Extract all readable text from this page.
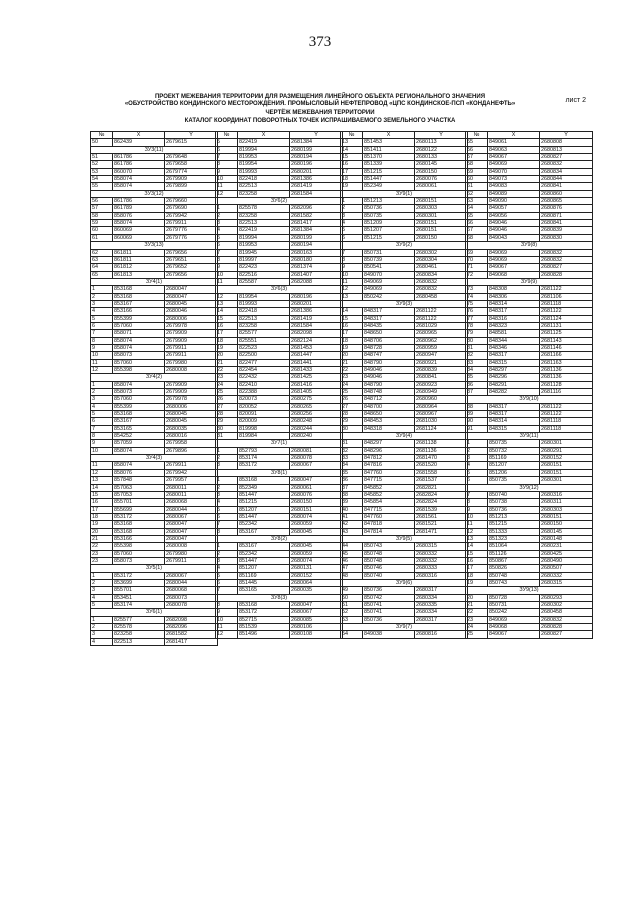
373
лист 2
ПРОЕКТ МЕЖЕВАНИЯ ТЕРРИТОРИИ ДЛЯ РАЗМЕЩЕНИЯ ЛИНЕЙНОГО ОБЪЕКТА РЕГИОНАЛЬНОГО ЗНАЧЕНИЯ
«ОБУСТРОЙСТВО КОНДИНСКОГО МЕСТОРОЖДЕНИЯ. ПРОМЫСЛОВЫЙ НЕФТЕПРОВОД «ЦПС КОНДИНСКОЕ-ПСП «КОНДАНЕФТЬ»
ЧЕРТЁЖ МЕЖЕВАНИЯ ТЕРРИТОРИИ
КАТАЛОГ КООРДИНАТ ПОВОРОТНЫХ ТОЧЕК ИСПРАШИВАЕМОГО ЗЕМЕЛЬНОГО УЧАСТКА
№	X	Y
50	862439	2679615
ЗУ3(11)		
51	861786	2679648
52	861786	2679658
53	860070	2679774
54	858074	2679909
55	858074	2679899
ЗУ3(12)		
56	861786	2679660
57	861789	2679690
58	858076	2679942
59	858074	2679911
60	860069	2679776
61	860069	2679776
ЗУ3(13)		
62	861811	2679656
63	861811	2679651
64	861812	2679652
65	861813	2679656
ЗУ4(1)		
1	853168	2680047
2	853168	2680047
3	853167	2680045
4	853166	2680046
5	855399	2680006
6	857060	2679978
7	858071	2679909
8	858074	2679909
9	858074	2679911
10	858073	2679911
11	857060	2679980
12	855398	2680008
ЗУ4(2)		
1	858074	2679909
2	858073	2679909
3	857060	2679978
4	855399	2680006
5	853168	2680045
6	853167	2680045
7	853165	2680035
8	854252	2680016
9	857059	2679958
10	858074	2679896
ЗУ4(3)		
11	858074	2679911
12	858076	2679942
13	857848	2679957
14	857063	2680011
15	857053	2680011
16	855701	2680068
17	855699	2680044
18	853172	2680067
19	853168	2680047
20	853168	2680047
21	853166	2680047
22	855398	2680008
23	857060	2679980
23	858073	2679911
ЗУ5(1)		
1	853172	2680067
2	853699	2680044
3	855701	2680068
4	853451	2680073
5	853174	2680078
ЗУ6(1)		
1	825577	2682098
2	825578	2682096
3	823258	2681582
4	822513	2681417
№	X	Y
5	822419	2681384
6	819994	2680199
7	819953	2680194
8	819954	2680196
9	819993	2680201
10	822418	2681386
11	822513	2681419
12	823258	2681584
ЗУ6(2)		
1	825578	2682096
2	823258	2681582
3	822513	2681417
4	822419	2681384
5	819994	2680199
6	819953	2680194
7	819945	2680163
8	819997	2680180
9	822423	2681374
10	822516	2681407
11	825587	2682088
ЗУ6(3)		
12	819954	2680196
13	819993	2680201
14	822418	2681386
15	822513	2681419
16	823258	2681584
17	825577	2682098
18	825551	2682124
19	822523	2681453
20	822500	2681447
21	822477	2681441
22	822454	2681433
23	822432	2681425
24	822410	2681416
25	822388	2681405
26	820073	2680275
27	820052	2680265
28	820091	2680256
29	820009	2680248
30	819998	2680244
31	819984	2680240
ЗУ7(1)		
1	852793	2680081
2	853174	2680078
3	853172	2680067
ЗУ8(1)		
1	853168	2680047
2	852349	2680061
3	851447	2680076
4	851215	2680150
5	851207	2680151
6	851447	2680074
7	852342	2680059
8	853167	2680045
ЗУ8(2)		
1	853167	2680045
2	852342	2680059
3	851447	2680074
4	851207	2680131
5	851169	2680152
6	851445	2680064
7	853165	2680035
ЗУ8(3)		
8	853168	2680047
9	853172	2680067
10	852715	2680085
11	851539	2680106
12	851496	2680108
№	X	Y
13	851453	2680113
14	851411	2680122
15	851370	2680133
16	851339	2680145
17	851215	2680150
18	851447	2680076
19	852349	2680061
ЗУ9(1)		
1	851213	2680151
2	850736	2680303
3	850735	2680301
4	851209	2680151
5	851207	2680151
6	851215	2680150
ЗУ9(2)		
7	850731	2680302
8	850739	2680304
9	850541	2680461
10	849070	2680834
11	849069	2680832
12	849069	2680832
13	850242	2680458
ЗУ9(3)		
14	848317	2681122
15	848317	2681122
16	848435	2681029
17	848650	2680965
18	848706	2680962
19	848728	2680959
20	848747	2680947
21	848790	2680921
22	849046	2680839
23	849046	2680841
24	848790	2680923
25	848748	2680949
26	848712	2680960
27	848700	2680964
28	848650	2680967
29	848453	2681030
30	848318	2681124
ЗУ9(4)		
31	848297	2681138
32	848296	2681136
33	847812	2681470
34	847816	2681520
35	847760	2681558
36	847715	2681537
37	845852	2682821
38	845852	2682824
39	845854	2682824
40	847715	2681539
41	847760	2681561
42	847818	2681521
43	847814	2681471
ЗУ9(5)		
44	850743	2680315
45	850748	2680332
46	850748	2680332
47	850746	2680333
48	850740	2680316
ЗУ9(6)		
49	850736	2680317
50	850742	2680334
51	850741	2680335
52	850741	2680334
53	850736	2680317
ЗУ9(7)		
54	849038	2680816
№	X	Y
55	849061	2680808
56	849063	2680813
57	849067	2680827
58	849069	2680832
59	849070	2680834
60	849073	2680844
61	849083	2680841
62	849089	2680860
63	849090	2680865
64	849057	2680876
65	849056	2680871
66	849046	2680841
67	849046	2680839
68	849043	2680830
ЗУ9(8)		
69	849069	2680832
70	849069	2680832
71	849067	2680827
72	849068	2680828
ЗУ9(9)		
73	848308	2681122
74	848306	2681106
75	848314	2681118
76	848317	2681122
77	848316	2681124
78	848323	2681131
79	848581	2681125
80	848344	2681143
81	848346	2681146
82	848317	2681166
83	848315	2681163
84	848297	2681136
85	848296	2681136
86	848291	2681128
87	848282	2681116
ЗУ9(10)		
88	848317	2681122
89	848317	2681122
90	848314	2681118
91	848315	2681118
ЗУ9(11)		
1	850735	2680301
2	850732	2680291
3	851169	2680152
4	851207	2680151
5	851206	2680151
6	850735	2680301
ЗУ9(12)		
7	850740	2680316
8	850738	2680311
9	850736	2680303
10	851213	2680151
11	851215	2680150
12	851333	2680145
13	851323	2680148
14	851064	2680231
15	851126	2680425
16	850867	2680490
17	850826	2680507
18	850748	2680332
19	850743	2680315
ЗУ9(13)		
20	850728	2680293
21	850731	2680302
22	850242	2680458
23	849069	2680832
24	849068	2680828
25	849067	2680827
